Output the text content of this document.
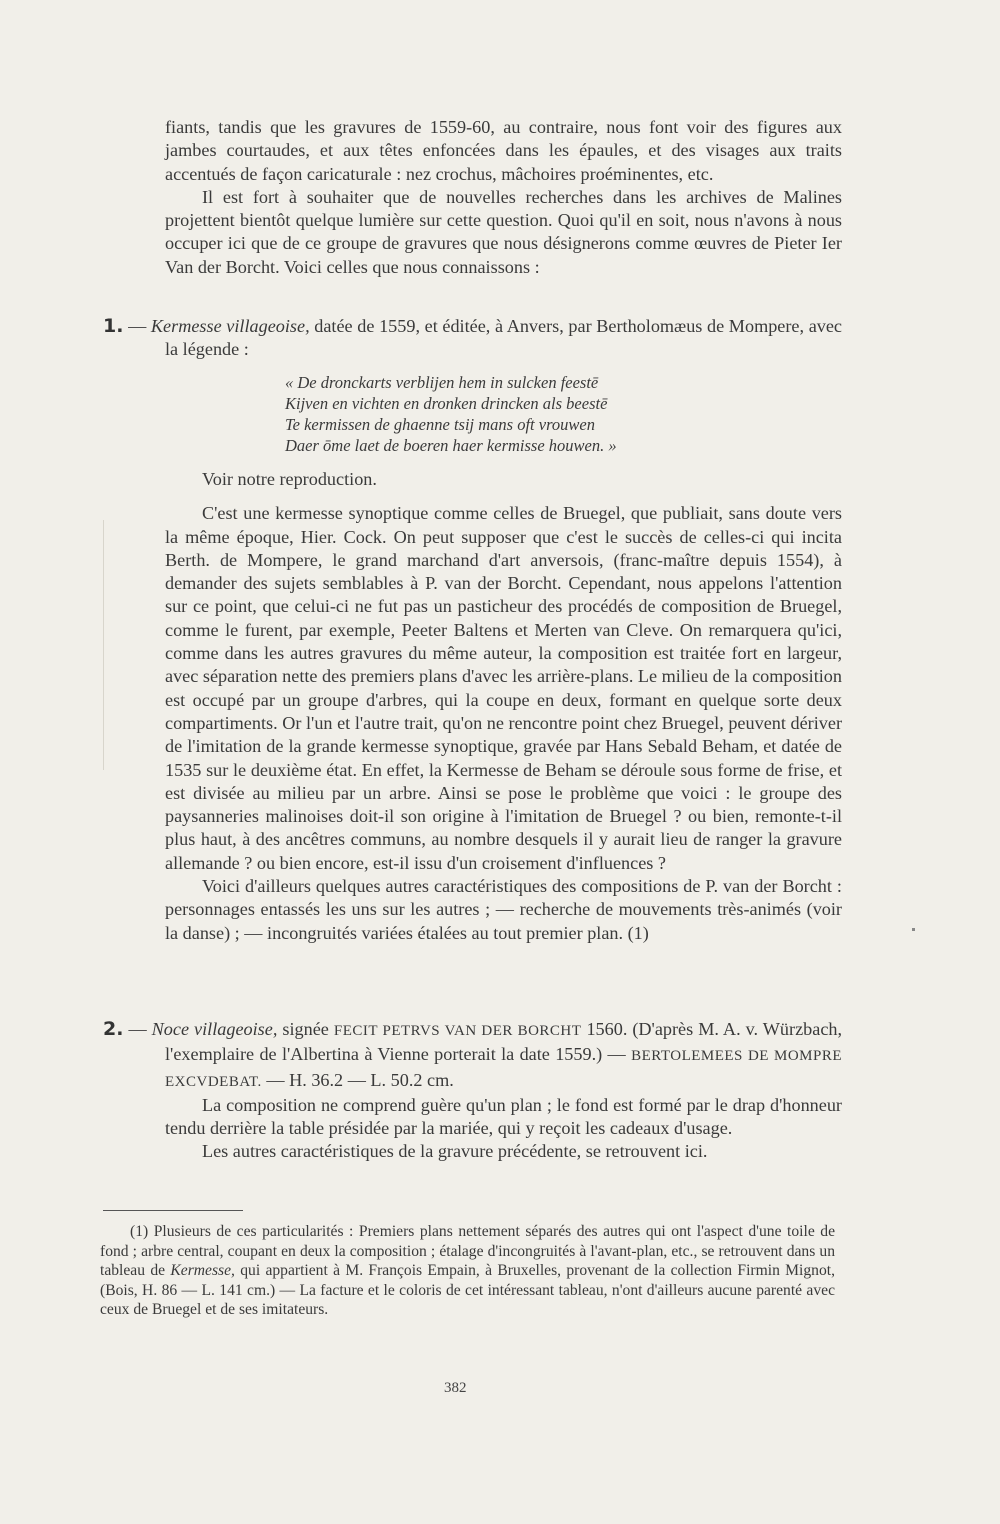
fiants, tandis que les gravures de 1559-60, au contraire, nous font voir des figures aux jambes courtaudes, et aux têtes enfoncées dans les épaules, et des visages aux traits accentués de façon caricaturale : nez crochus, mâchoires proéminentes, etc.

Il est fort à souhaiter que de nouvelles recherches dans les archives de Malines projettent bientôt quelque lumière sur cette question. Quoi qu'il en soit, nous n'avons à nous occuper ici que de ce groupe de gravures que nous désignerons comme œuvres de Pieter Ier Van der Borcht. Voici celles que nous connaissons :

1. — Kermesse villageoise, datée de 1559, et éditée, à Anvers, par Bertholomæus de Mompere, avec la légende :

« De dronckarts verblijen hem in sulcken feestē
Kijven en vichten en dronken drincken als beestē
Te kermissen de ghaenne tsij mans oft vrouwen
Daer ōme laet de boeren haer kermisse houwen. »

Voir notre reproduction.

C'est une kermesse synoptique comme celles de Bruegel, que publiait, sans doute vers la même époque, Hier. Cock. On peut supposer que c'est le succès de celles-ci qui incita Berth. de Mompere, le grand marchand d'art anversois, (franc-maître depuis 1554), à demander des sujets semblables à P. van der Borcht. Cependant, nous appelons l'attention sur ce point, que celui-ci ne fut pas un pasticheur des procédés de composition de Bruegel, comme le furent, par exemple, Peeter Baltens et Merten van Cleve. On remarquera qu'ici, comme dans les autres gravures du même auteur, la composition est traitée fort en largeur, avec séparation nette des premiers plans d'avec les arrière-plans. Le milieu de la composition est occupé par un groupe d'arbres, qui la coupe en deux, formant en quelque sorte deux compartiments. Or l'un et l'autre trait, qu'on ne rencontre point chez Bruegel, peuvent dériver de l'imitation de la grande kermesse synoptique, gravée par Hans Sebald Beham, et datée de 1535 sur le deuxième état. En effet, la Kermesse de Beham se déroule sous forme de frise, et est divisée au milieu par un arbre. Ainsi se pose le problème que voici : le groupe des paysanneries malinoises doit-il son origine à l'imitation de Bruegel ? ou bien, remonte-t-il plus haut, à des ancêtres communs, au nombre desquels il y aurait lieu de ranger la gravure allemande ? ou bien encore, est-il issu d'un croisement d'influences ?

Voici d'ailleurs quelques autres caractéristiques des compositions de P. van der Borcht : personnages entassés les uns sur les autres ; — recherche de mouvements très-animés (voir la danse) ; — incongruités variées étalées au tout premier plan. (1)

2. — Noce villageoise, signée FECIT PETRVS VAN DER BORCHT 1560. (D'après M. A. v. Würzbach, l'exemplaire de l'Albertina à Vienne porterait la date 1559.) — BERTOLEMEES DE MOMPRE EXCVDEBAT. — H. 36.2 — L. 50.2 cm.

La composition ne comprend guère qu'un plan ; le fond est formé par le drap d'honneur tendu derrière la table présidée par la mariée, qui y reçoit les cadeaux d'usage.

Les autres caractéristiques de la gravure précédente, se retrouvent ici.

(1) Plusieurs de ces particularités : Premiers plans nettement séparés des autres qui ont l'aspect d'une toile de fond ; arbre central, coupant en deux la composition ; étalage d'incongruités à l'avant-plan, etc., se retrouvent dans un tableau de Kermesse, qui appartient à M. François Empain, à Bruxelles, provenant de la collection Firmin Mignot, (Bois, H. 86 — L. 141 cm.) — La facture et le coloris de cet intéressant tableau, n'ont d'ailleurs aucune parenté avec ceux de Bruegel et de ses imitateurs.

382
